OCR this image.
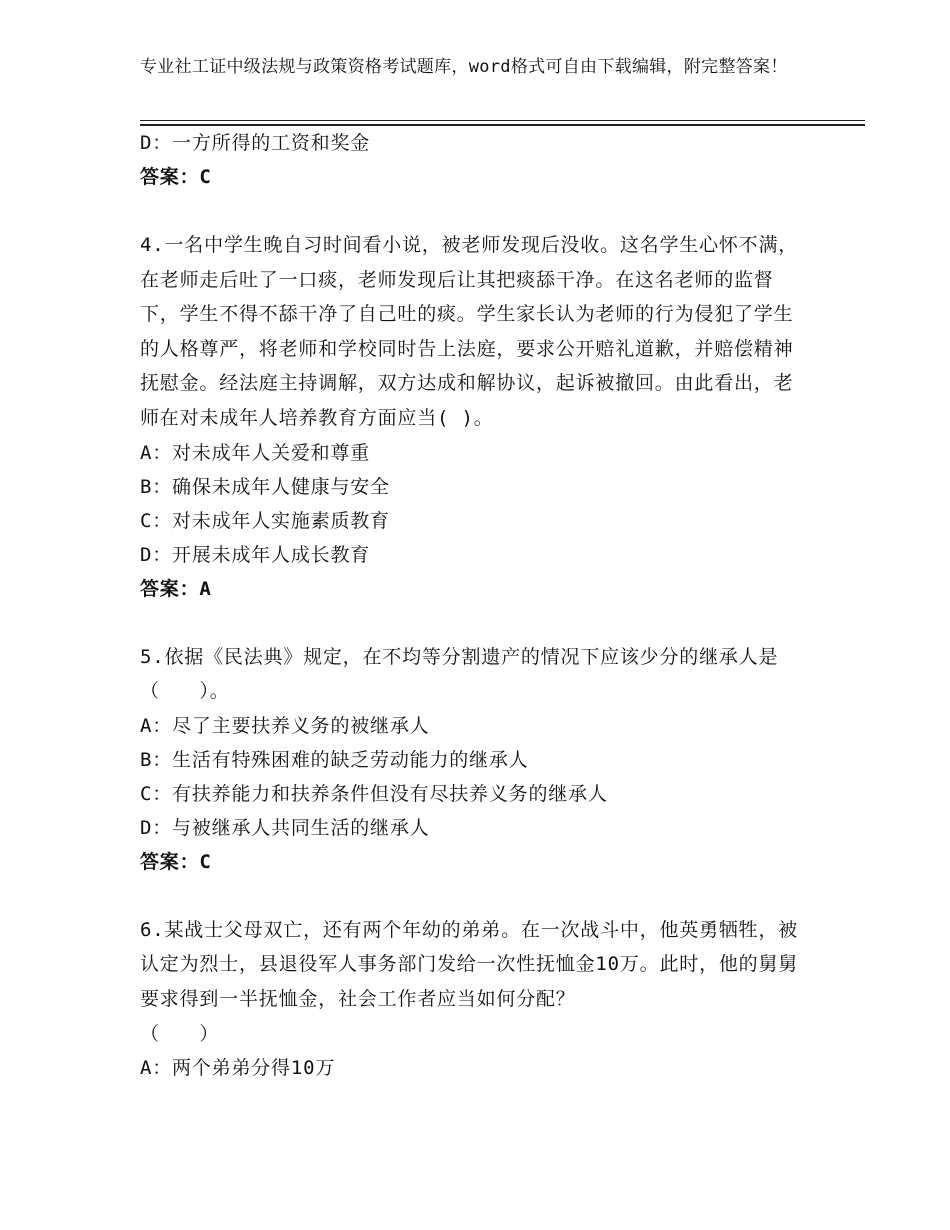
专业社工证中级法规与政策资格考试题库，word格式可自由下载编辑，附完整答案！
D：一方所得的工资和奖金
答案：C
4.一名中学生晚自习时间看小说，被老师发现后没收。这名学生心怀不满，在老师走后吐了一口痰，老师发现后让其把痰舔干净。在这名老师的监督下，学生不得不舔干净了自己吐的痰。学生家长认为老师的行为侵犯了学生的人格尊严，将老师和学校同时告上法庭，要求公开赔礼道歉，并赔偿精神抚慰金。经法庭主持调解，双方达成和解协议，起诉被撤回。由此看出，老师在对未成年人培养教育方面应当( )。
A：对未成年人关爱和尊重
B：确保未成年人健康与安全
C：对未成年人实施素质教育
D：开展未成年人成长教育
答案：A
5.依据《民法典》规定，在不均等分割遗产的情况下应该少分的继承人是（　　）。
A：尽了主要扶养义务的被继承人
B：生活有特殊困难的缺乏劳动能力的继承人
C：有扶养能力和扶养条件但没有尽扶养义务的继承人
D：与被继承人共同生活的继承人
答案：C
6.某战士父母双亡，还有两个年幼的弟弟。在一次战斗中，他英勇牺牲，被认定为烈士，县退役军人事务部门发给一次性抚恤金10万。此时，他的舅舅要求得到一半抚恤金，社会工作者应当如何分配？
（　　）
A：两个弟弟分得10万
